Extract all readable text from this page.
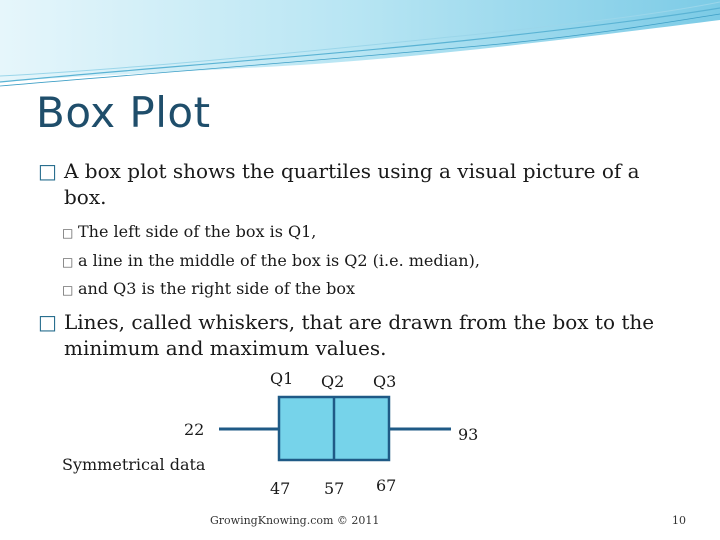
Box Plot
□ A box plot shows the quartiles using a visual picture of a
box.
□ The left side of the box is Q1,
□ a line in the middle of the box is Q2 (i.e. median),
□ and Q3 is the right side of the box
□ Lines, called whiskers, that are drawn from the box to the
minimum and maximum values.
Q1 Q2 Q3
22	93
Symmetrical data
47 57 67
GrowingKnowing.com © 2011	10
